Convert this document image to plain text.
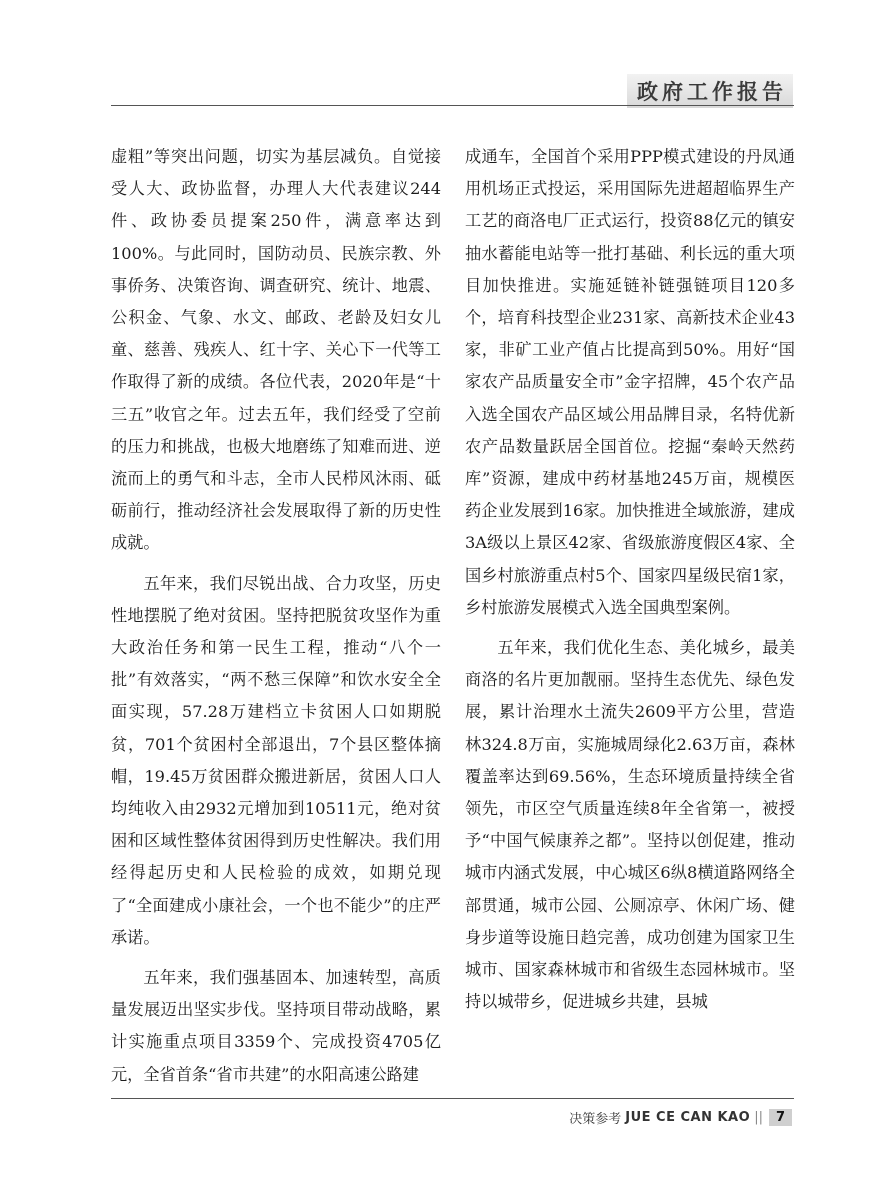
政府工作报告

虚粗”等突出问题，切实为基层减负。自觉接受人大、政协监督，办理人大代表建议244件、政协委员提案250件，满意率达到100%。与此同时，国防动员、民族宗教、外事侨务、决策咨询、调查研究、统计、地震、公积金、气象、水文、邮政、老龄及妇女儿童、慈善、残疾人、红十字、关心下一代等工作取得了新的成绩。各位代表，2020年是“十三五”收官之年。过去五年，我们经受了空前的压力和挑战，也极大地磨练了知难而进、逆流而上的勇气和斗志，全市人民栉风沐雨、砥砺前行，推动经济社会发展取得了新的历史性成就。

五年来，我们尽锐出战、合力攻坚，历史性地摆脱了绝对贫困。坚持把脱贫攻坚作为重大政治任务和第一民生工程，推动“八个一批”有效落实，“两不愁三保障”和饮水安全全面实现，57.28万建档立卡贫困人口如期脱贫，701个贫困村全部退出，7个县区整体摘帽，19.45万贫困群众搬进新居，贫困人口人均纯收入由2932元增加到10511元，绝对贫困和区域性整体贫困得到历史性解决。我们用经得起历史和人民检验的成效，如期兑现了“全面建成小康社会，一个也不能少”的庄严承诺。

五年来，我们强基固本、加速转型，高质量发展迈出坚实步伐。坚持项目带动战略，累计实施重点项目3359个、完成投资4705亿元，全省首条“省市共建”的水阳高速公路建

成通车，全国首个采用PPP模式建设的丹凤通用机场正式投运，采用国际先进超超临界生产工艺的商洛电厂正式运行，投资88亿元的镇安抽水蓄能电站等一批打基础、利长远的重大项目加快推进。实施延链补链强链项目120多个，培育科技型企业231家、高新技术企业43家，非矿工业产值占比提高到50%。用好“国家农产品质量安全市”金字招牌，45个农产品入选全国农产品区域公用品牌目录，名特优新农产品数量跃居全国首位。挖掘“秦岭天然药库”资源，建成中药材基地245万亩，规模医药企业发展到16家。加快推进全域旅游，建成3A级以上景区42家、省级旅游度假区4家、全国乡村旅游重点村5个、国家四星级民宿1家，乡村旅游发展模式入选全国典型案例。

五年来，我们优化生态、美化城乡，最美商洛的名片更加靓丽。坚持生态优先、绿色发展，累计治理水土流失2609平方公里，营造林324.8万亩，实施城周绿化2.63万亩，森林覆盖率达到69.56%，生态环境质量持续全省领先，市区空气质量连续8年全省第一，被授予“中国气候康养之都”。坚持以创促建，推动城市内涵式发展，中心城区6纵8横道路网络全部贯通，城市公园、公厕凉亭、休闲广场、健身步道等设施日趋完善，成功创建为国家卫生城市、国家森林城市和省级生态园林城市。坚持以城带乡，促进城乡共建，县城

决策参考 JUE CE CAN KAO ||	7
